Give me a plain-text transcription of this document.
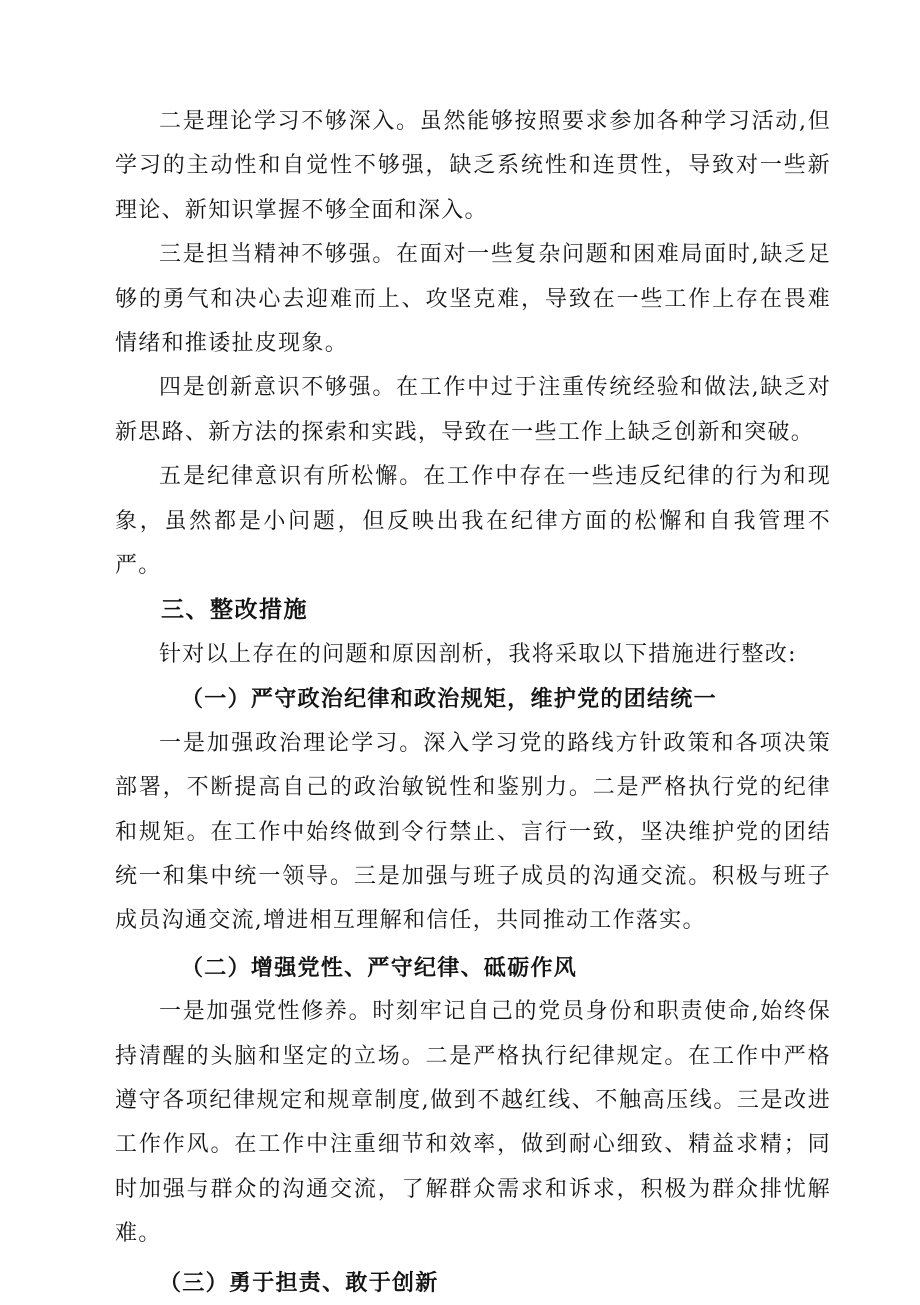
二是理论学习不够深入。虽然能够按照要求参加各种学习活动,但学习的主动性和自觉性不够强，缺乏系统性和连贯性，导致对一些新理论、新知识掌握不够全面和深入。

三是担当精神不够强。在面对一些复杂问题和困难局面时,缺乏足够的勇气和决心去迎难而上、攻坚克难，导致在一些工作上存在畏难情绪和推诿扯皮现象。

四是创新意识不够强。在工作中过于注重传统经验和做法,缺乏对新思路、新方法的探索和实践，导致在一些工作上缺乏创新和突破。

五是纪律意识有所松懈。在工作中存在一些违反纪律的行为和现象，虽然都是小问题，但反映出我在纪律方面的松懈和自我管理不严。

三、整改措施

针对以上存在的问题和原因剖析，我将采取以下措施进行整改:

（一）严守政治纪律和政治规矩，维护党的团结统一

一是加强政治理论学习。深入学习党的路线方针政策和各项决策部署，不断提高自己的政治敏锐性和鉴别力。二是严格执行党的纪律和规矩。在工作中始终做到令行禁止、言行一致，坚决维护党的团结统一和集中统一领导。三是加强与班子成员的沟通交流。积极与班子成员沟通交流,增进相互理解和信任，共同推动工作落实。

（二）增强党性、严守纪律、砥砺作风

一是加强党性修养。时刻牢记自己的党员身份和职责使命,始终保持清醒的头脑和坚定的立场。二是严格执行纪律规定。在工作中严格遵守各项纪律规定和规章制度,做到不越红线、不触高压线。三是改进工作作风。在工作中注重细节和效率，做到耐心细致、精益求精；同时加强与群众的沟通交流，了解群众需求和诉求，积极为群众排忧解难。

（三）勇于担责、敢于创新
